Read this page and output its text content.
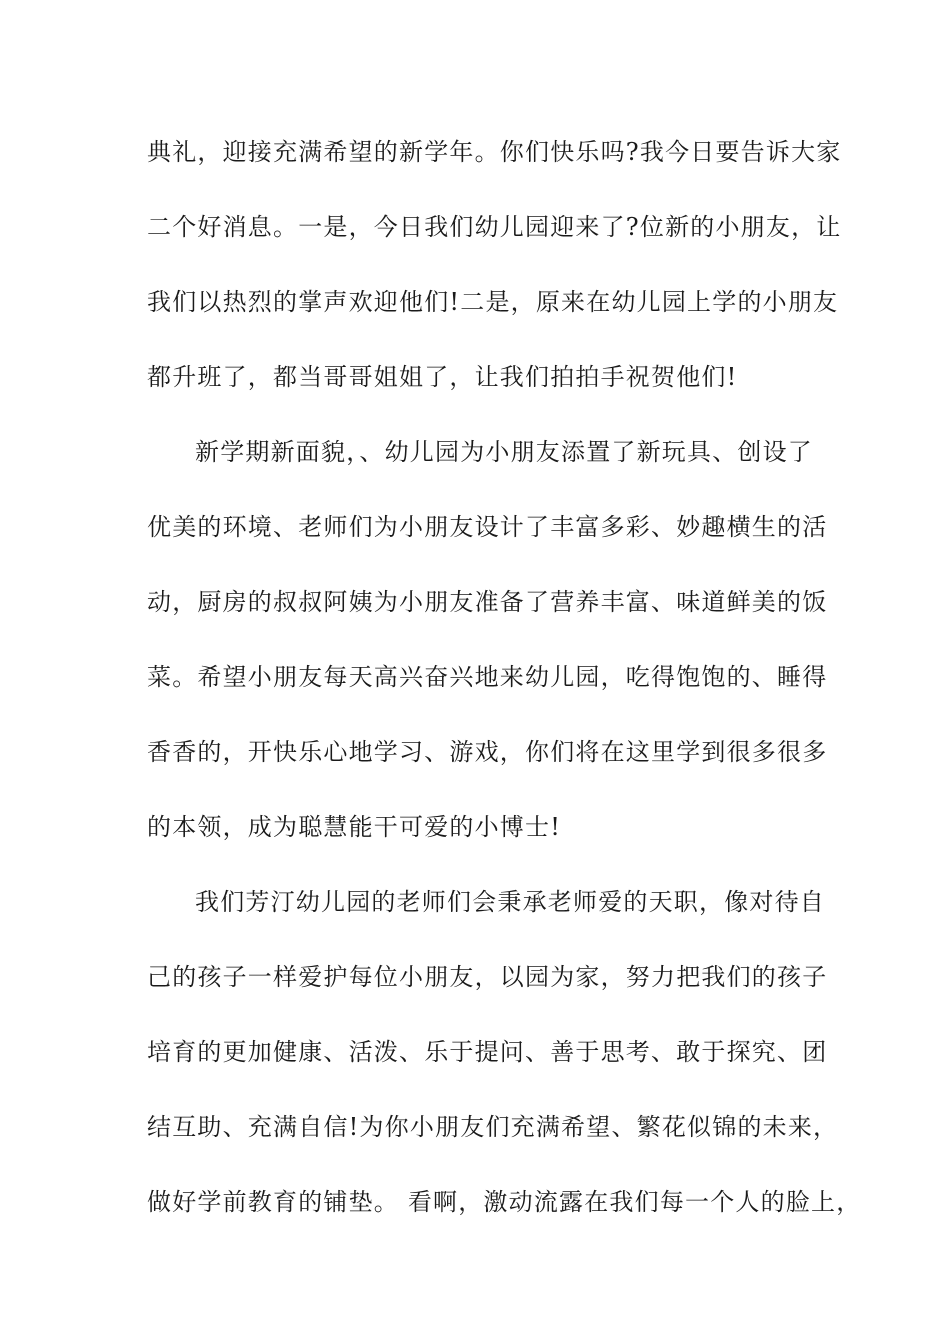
典礼，迎接充满希望的新学年。你们快乐吗?我今日要告诉大家
二个好消息。一是，今日我们幼儿园迎来了?位新的小朋友，让
我们以热烈的掌声欢迎他们!二是，原来在幼儿园上学的小朋友
都升班了，都当哥哥姐姐了，让我们拍拍手祝贺他们!
新学期新面貌，、幼儿园为小朋友添置了新玩具、创设了
优美的环境、老师们为小朋友设计了丰富多彩、妙趣横生的活
动，厨房的叔叔阿姨为小朋友准备了营养丰富、味道鲜美的饭
菜。希望小朋友每天高兴奋兴地来幼儿园，吃得饱饱的、睡得
香香的，开快乐心地学习、游戏，你们将在这里学到很多很多
的本领，成为聪慧能干可爱的小博士!
我们芳汀幼儿园的老师们会秉承老师爱的天职，像对待自
己的孩子一样爱护每位小朋友，以园为家，努力把我们的孩子
培育的更加健康、活泼、乐于提问、善于思考、敢于探究、团
结互助、充满自信!为你小朋友们充满希望、繁花似锦的未来，
做好学前教育的铺垫。 看啊，激动流露在我们每一个人的脸上，
